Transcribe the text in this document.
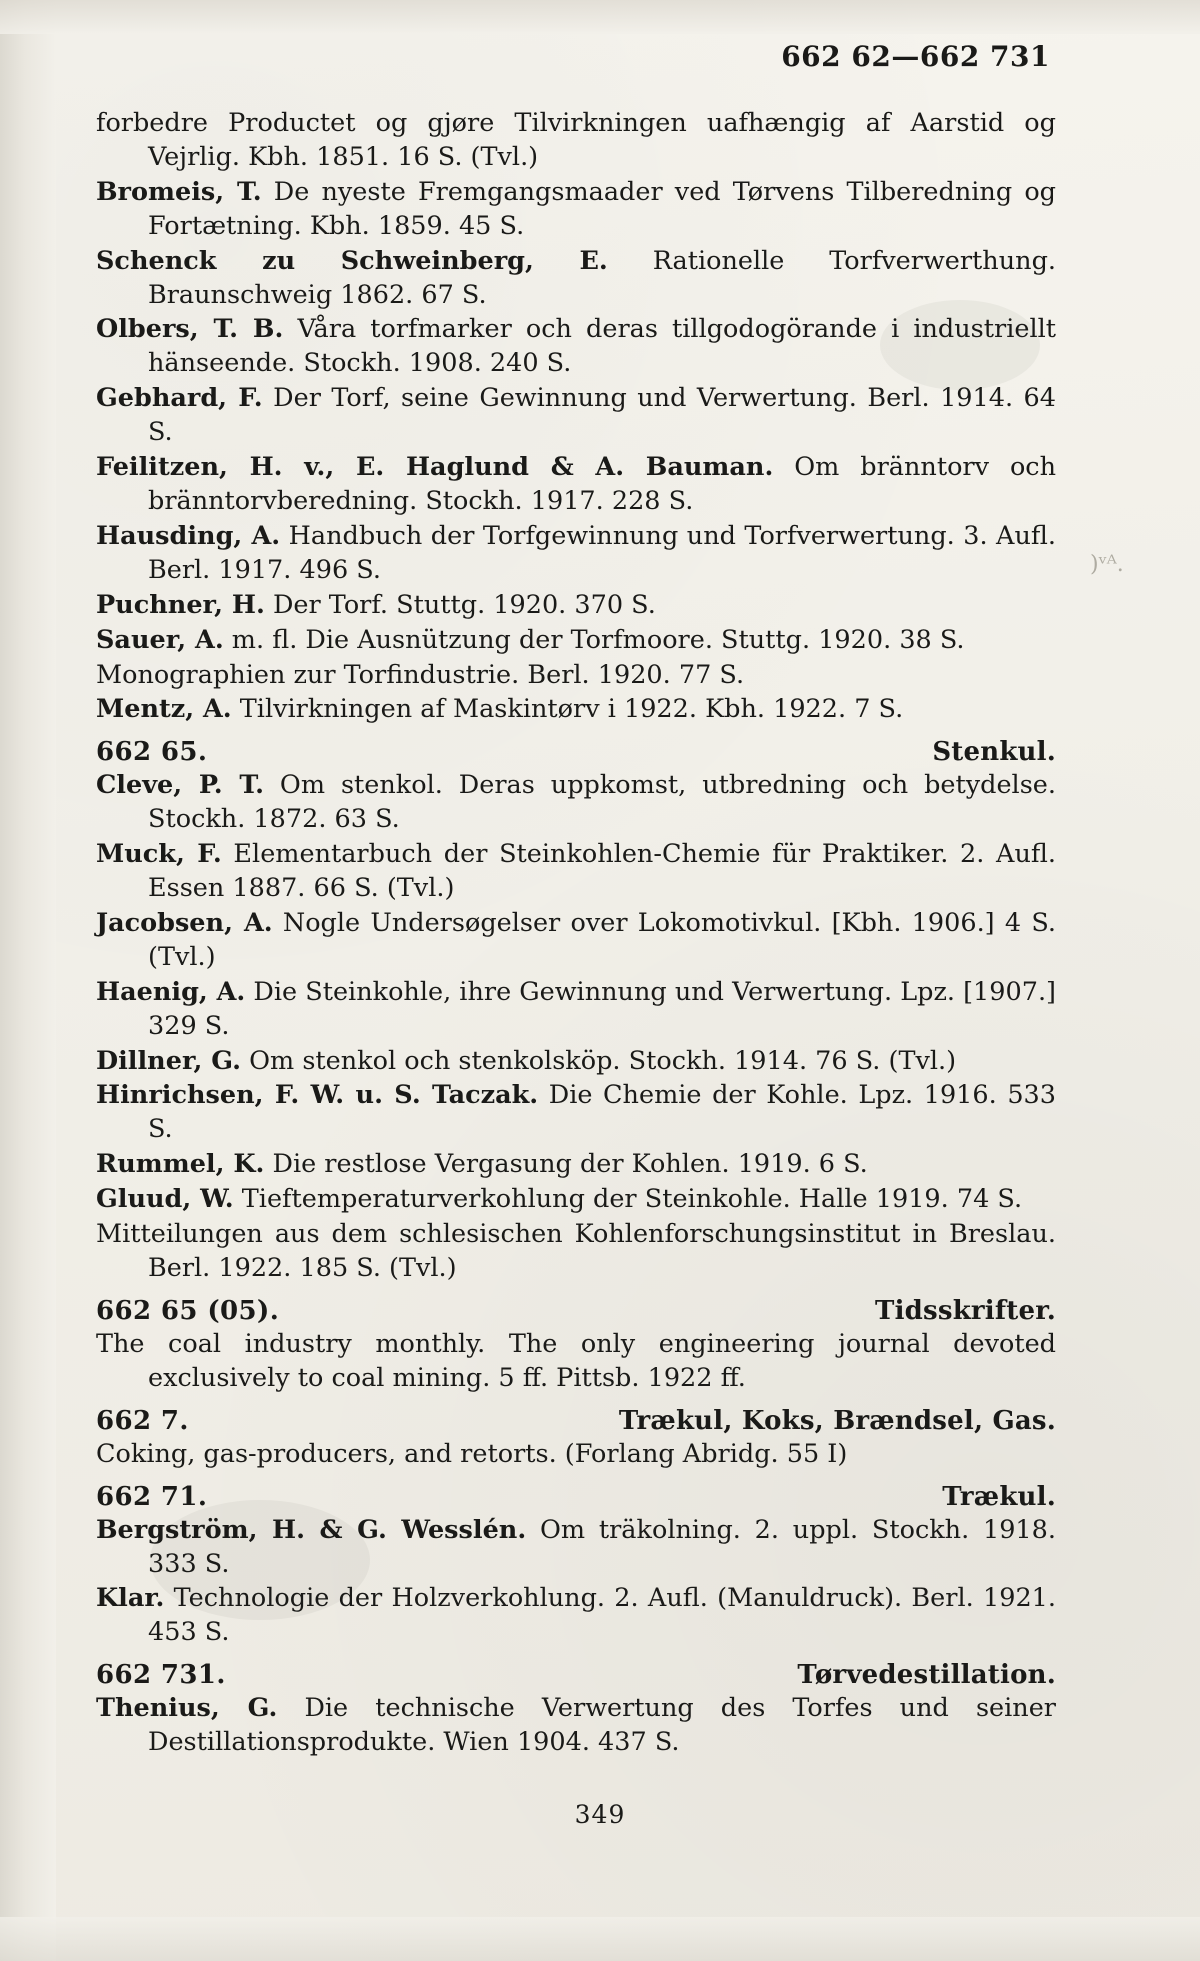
)ᵛᴬ.
662 62—662 731

forbedre Productet og gjøre Tilvirkningen uafhængig af Aarstid og Vejrlig. Kbh. 1851. 16 S. (Tvl.)

Bromeis, T. De nyeste Fremgangsmaader ved Tørvens Tilberedning og Fortætning. Kbh. 1859. 45 S.

Schenck zu Schweinberg, E. Rationelle Torfverwerthung. Braunschweig 1862. 67 S.

Olbers, T. B. Våra torfmarker och deras tillgodogörande i industriellt hänseende. Stockh. 1908. 240 S.

Gebhard, F. Der Torf, seine Gewinnung und Verwertung. Berl. 1914. 64 S.

Feilitzen, H. v., E. Haglund & A. Bauman. Om bränntorv och bränntorvberedning. Stockh. 1917. 228 S.

Hausding, A. Handbuch der Torfgewinnung und Torfverwertung. 3. Aufl. Berl. 1917. 496 S.

Puchner, H. Der Torf. Stuttg. 1920. 370 S.

Sauer, A. m. fl. Die Ausnützung der Torfmoore. Stuttg. 1920. 38 S.

Monographien zur Torfindustrie. Berl. 1920. 77 S.

Mentz, A. Tilvirkningen af Maskintørv i 1922. Kbh. 1922. 7 S.

662 65.	Stenkul.

Cleve, P. T. Om stenkol. Deras uppkomst, utbredning och betydelse. Stockh. 1872. 63 S.

Muck, F. Elementarbuch der Steinkohlen-Chemie für Praktiker. 2. Aufl. Essen 1887. 66 S. (Tvl.)

Jacobsen, A. Nogle Undersøgelser over Lokomotivkul. [Kbh. 1906.] 4 S. (Tvl.)

Haenig, A. Die Steinkohle, ihre Gewinnung und Verwertung. Lpz. [1907.] 329 S.

Dillner, G. Om stenkol och stenkolsköp. Stockh. 1914. 76 S. (Tvl.)

Hinrichsen, F. W. u. S. Taczak. Die Chemie der Kohle. Lpz. 1916. 533 S.

Rummel, K. Die restlose Vergasung der Kohlen. 1919. 6 S.

Gluud, W. Tieftemperaturverkohlung der Steinkohle. Halle 1919. 74 S.

Mitteilungen aus dem schlesischen Kohlenforschungsinstitut in Breslau. Berl. 1922. 185 S. (Tvl.)

662 65 (05).	Tidsskrifter.

The coal industry monthly. The only engineering journal devoted exclusively to coal mining. 5 ff. Pittsb. 1922 ff.

662 7.	Trækul, Koks, Brændsel, Gas.

Coking, gas-producers, and retorts. (Forlang Abridg. 55 I)

662 71.	Trækul.

Bergström, H. & G. Wesslén. Om träkolning. 2. uppl. Stockh. 1918. 333 S.

Klar. Technologie der Holzverkohlung. 2. Aufl. (Manuldruck). Berl. 1921. 453 S.

662 731.	Tørvedestillation.

Thenius, G. Die technische Verwertung des Torfes und seiner Destillationsprodukte. Wien 1904. 437 S.

349
